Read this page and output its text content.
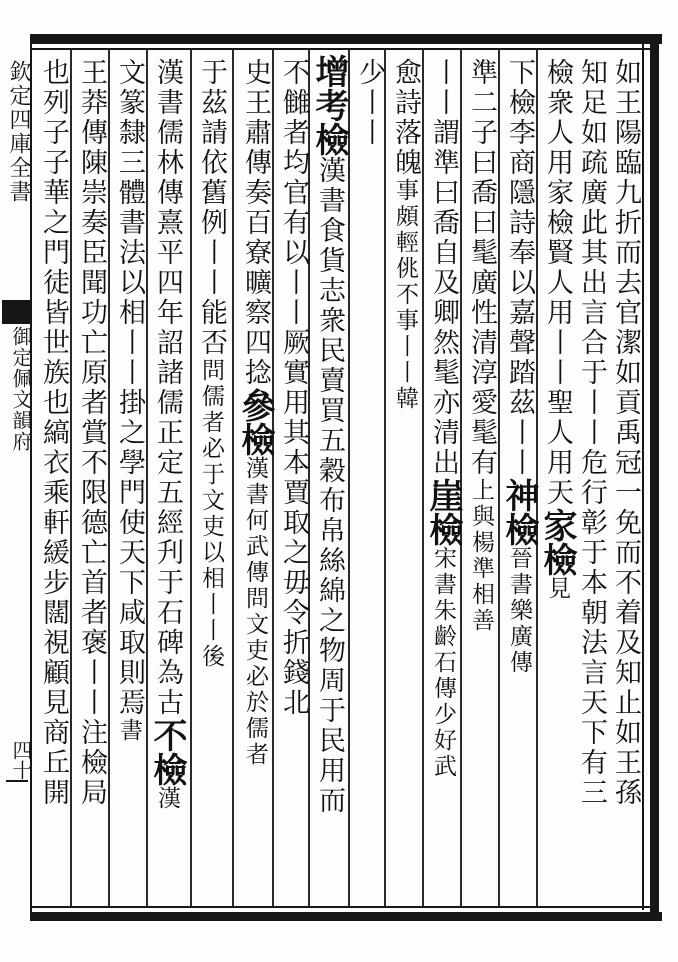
欽定四庫全書
御定佩文韻府
四十	如王陽臨九折而去官潔如貢禹冠一免而不着及知止如王孫
知足如疏廣此其出言合于丨丨危行彰于本朝法言天下有三
檢衆人用家檢賢人用丨丨聖人用天家檢見
下檢李商隱詩奉以嘉聲踏茲丨丨神檢晉書樂廣傳
準二子曰喬曰髦廣性清淳愛髦有上與楊準相善
丨丨謂準曰喬自及卿然髦亦清出崖檢宋書朱齡石傳少好武
愈詩落魄事頗輕佻不事丨丨韓
少丨丨
增考檢漢書食貨志衆民賣買五穀布帛絲綿之物周于民用而
不雠者均官有以丨丨厥實用其本賈取之毋令折錢北
史王肅傳奏百寮曠察四捻參檢漢書何武傳問文吏必於儒者
于茲請依舊例丨丨能否問儒者必于文吏以相丨丨後
漢書儒林傳熹平四年詔諸儒正定五經刋于石碑為古不檢漢
文篆隸三體書法以相丨丨掛之學門使天下咸取則焉書
王莽傳陳崇奏臣聞功亡原者賞不限德亡首者褒丨丨注檢局
也列子子華之門徒皆世族也縞衣乘軒緩步闊視顧見商丘開
